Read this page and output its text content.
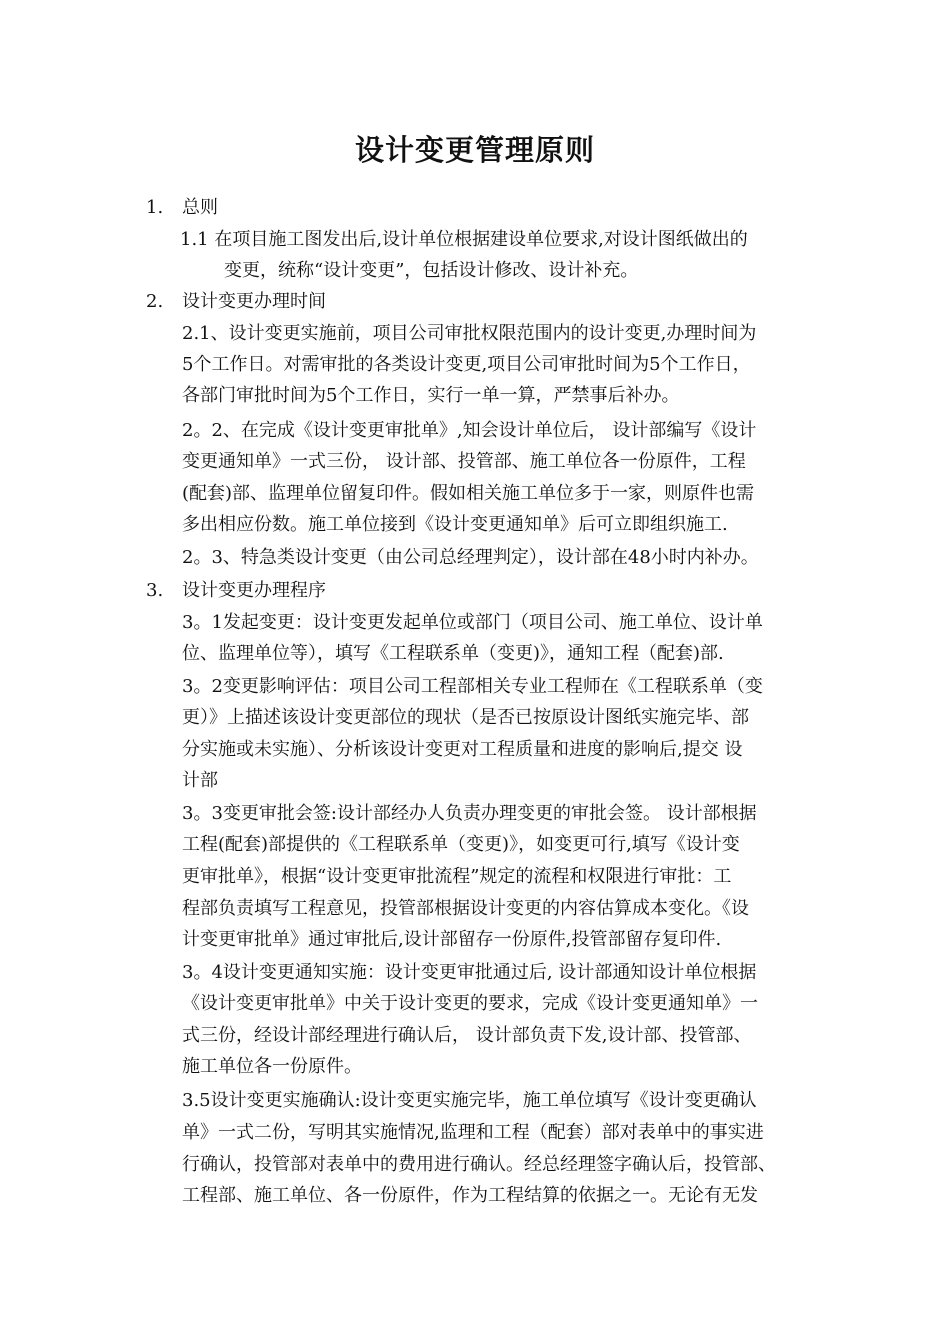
设计变更管理原则
1. 总则
1.1 在项目施工图发出后,设计单位根据建设单位要求,对设计图纸做出的
变更，统称“设计变更”，包括设计修改、设计补充。
2. 设计变更办理时间
2.1、设计变更实施前，项目公司审批权限范围内的设计变更,办理时间为
5个工作日。对需审批的各类设计变更,项目公司审批时间为5个工作日，
各部门审批时间为5个工作日，实行一单一算，严禁事后补办。
2。2、在完成《设计变更审批单》,知会设计单位后， 设计部编写《设计
变更通知单》一式三份， 设计部、投管部、施工单位各一份原件，工程
(配套)部、监理单位留复印件。假如相关施工单位多于一家，则原件也需
多出相应份数。施工单位接到《设计变更通知单》后可立即组织施工.
2。3、特急类设计变更（由公司总经理判定），设计部在48小时内补办。
3. 设计变更办理程序
3。1发起变更：设计变更发起单位或部门（项目公司、施工单位、设计单
位、监理单位等），填写《工程联系单（变更)》，通知工程（配套)部.
3。2变更影响评估：项目公司工程部相关专业工程师在《工程联系单（变
更）》上描述该设计变更部位的现状（是否已按原设计图纸实施完毕、部
分实施或未实施）、分析该设计变更对工程质量和进度的影响后,提交 设
计部
3。3变更审批会签:设计部经办人负责办理变更的审批会签。 设计部根据
工程(配套)部提供的《工程联系单（变更)》，如变更可行,填写《设计变
更审批单》，根据“设计变更审批流程”规定的流程和权限进行审批：工
程部负责填写工程意见，投管部根据设计变更的内容估算成本变化。《设
计变更审批单》通过审批后,设计部留存一份原件,投管部留存复印件.
3。4设计变更通知实施：设计变更审批通过后, 设计部通知设计单位根据
《设计变更审批单》中关于设计变更的要求，完成《设计变更通知单》一
式三份，经设计部经理进行确认后， 设计部负责下发,设计部、投管部、
施工单位各一份原件。
3.5设计变更实施确认:设计变更实施完毕，施工单位填写《设计变更确认
单》一式二份，写明其实施情况,监理和工程（配套）部对表单中的事实进
行确认，投管部对表单中的费用进行确认。经总经理签字确认后，投管部、
工程部、施工单位、各一份原件，作为工程结算的依据之一。无论有无发
